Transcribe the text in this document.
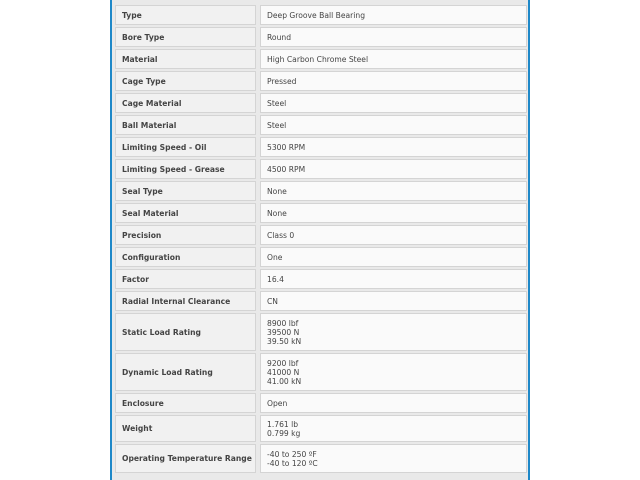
Type		Deep Groove Ball Bearing

Bore Type		Round

Material		High Carbon Chrome Steel

Cage Type		Pressed

Cage Material		Steel

Ball Material		Steel

Limiting Speed - Oil		5300 RPM

Limiting Speed - Grease		4500 RPM

Seal Type		None

Seal Material		None

Precision		Class 0

Configuration		One

Factor		16.4

Radial Internal Clearance		CN

Static Load Rating		8900 lbf
39500 N
39.50 kN

Dynamic Load Rating		9200 lbf
41000 N
41.00 kN

Enclosure		Open

Weight		1.761 lb
0.799 kg

Operating Temperature Range		-40 to 250 ºF
-40 to 120 ºC
